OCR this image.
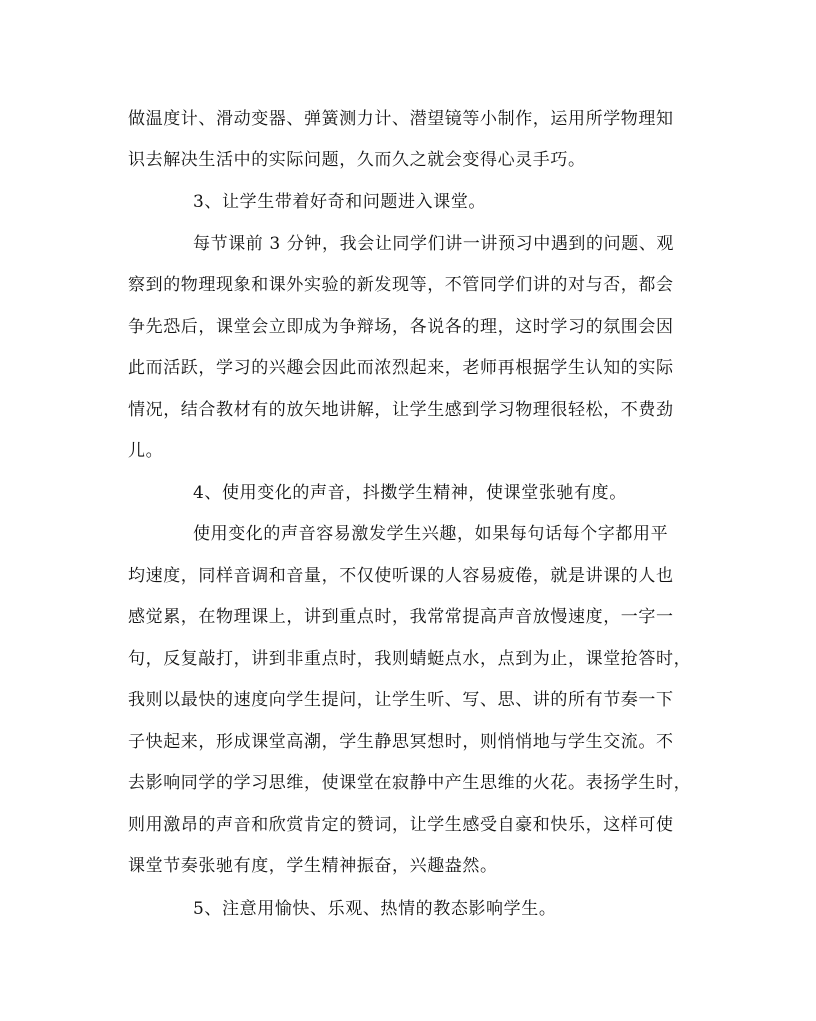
做温度计、滑动变器、弹簧测力计、潜望镜等小制作，运用所学物理知
识去解决生活中的实际问题，久而久之就会变得心灵手巧。
3、让学生带着好奇和问题进入课堂。
每节课前 3 分钟，我会让同学们讲一讲预习中遇到的问题、观
察到的物理现象和课外实验的新发现等，不管同学们讲的对与否，都会
争先恐后，课堂会立即成为争辩场，各说各的理，这时学习的氛围会因
此而活跃，学习的兴趣会因此而浓烈起来，老师再根据学生认知的实际
情况，结合教材有的放矢地讲解，让学生感到学习物理很轻松，不费劲
儿。
4、使用变化的声音，抖擞学生精神，使课堂张驰有度。
使用变化的声音容易激发学生兴趣，如果每句话每个字都用平
均速度，同样音调和音量，不仅使听课的人容易疲倦，就是讲课的人也
感觉累，在物理课上，讲到重点时，我常常提高声音放慢速度，一字一
句，反复敲打，讲到非重点时，我则蜻蜓点水，点到为止，课堂抢答时，
我则以最快的速度向学生提问，让学生听、写、思、讲的所有节奏一下
子快起来，形成课堂高潮，学生静思冥想时，则悄悄地与学生交流。不
去影响同学的学习思维，使课堂在寂静中产生思维的火花。表扬学生时，
则用激昂的声音和欣赏肯定的赞词，让学生感受自豪和快乐，这样可使
课堂节奏张驰有度，学生精神振奋，兴趣盎然。
5、注意用愉快、乐观、热情的教态影响学生。
